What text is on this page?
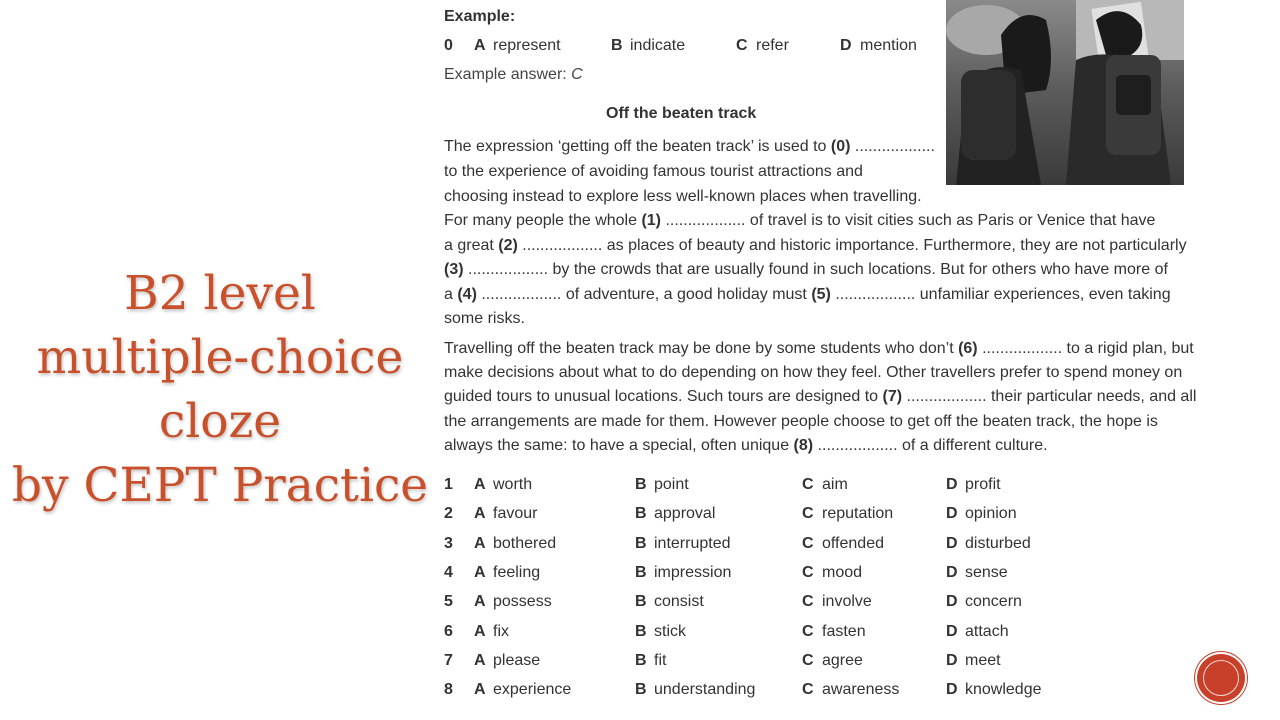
B2 level
multiple-choice
cloze
by CEPT Practice
Example:
0 A represent	B indicate	C refer	D mention
Example answer: C
Off the beaten track
The expression ‘getting off the beaten track’ is used to (0) ..................
to the experience of avoiding famous tourist attractions and
choosing instead to explore less well-known places when travelling.
For many people the whole (1) .................. of travel is to visit cities such as Paris or Venice that have
a great (2) .................. as places of beauty and historic importance. Furthermore, they are not particularly
(3) .................. by the crowds that are usually found in such locations. But for others who have more of
a (4) .................. of adventure, a good holiday must (5) .................. unfamiliar experiences, even taking
some risks.
Travelling off the beaten track may be done by some students who don’t (6) .................. to a rigid plan, but
make decisions about what to do depending on how they feel. Other travellers prefer to spend money on
guided tours to unusual locations. Such tours are designed to (7) .................. their particular needs, and all
the arrangements are made for them. However people choose to get off the beaten track, the hope is
always the same: to have a special, often unique (8) .................. of a different culture.
1 A worth	B point	C aim	D profit
2 A favour	B approval	C reputation	D opinion
3 A bothered	B interrupted	C offended	D disturbed
4 A feeling	B impression	C mood	D sense
5 A possess	B consist	C involve	D concern
6 A fix	B stick	C fasten	D attach
7 A please	B fit	C agree	D meet
8 A experience	B understanding	C awareness	D knowledge
